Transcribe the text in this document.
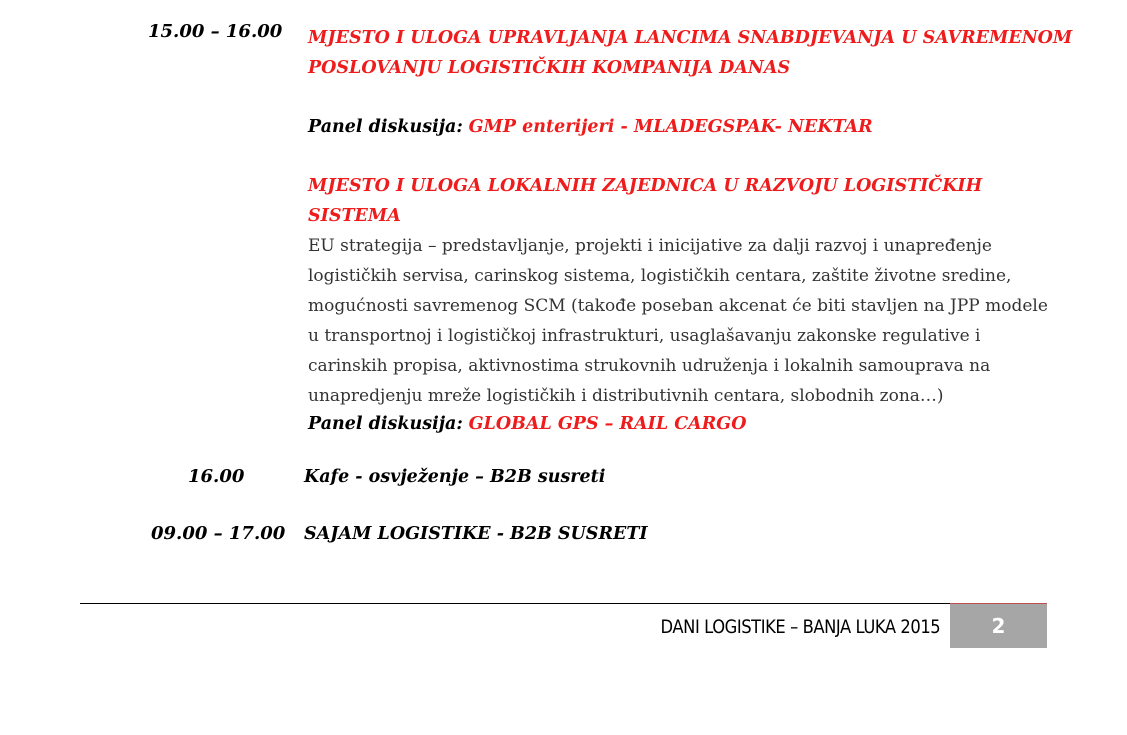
15.00 – 16.00 MJESTO I ULOGA UPRAVLJANJA LANCIMA SNABDJEVANJA U SAVREMENOM
POSLOVANJU LOGISTIČKIH KOMPANIJA DANAS
Panel diskusija: GMP enterijeri - MLADEGSPAK- NEKTAR
MJESTO I ULOGA LOKALNIH ZAJEDNICA U RAZVOJU LOGISTIČKIH SISTEMA
EU strategija – predstavljanje, projekti i inicijative za dalji razvoj i unapređenje
logističkih servisa, carinskog sistema, logističkih centara, zaštite životne sredine,
mogućnosti savremenog SCM (takođe poseban akcenat će biti stavljen na JPP modele
u transportnoj i logističkoj infrastrukturi, usaglašavanju zakonske regulative i
carinskih propisa, aktivnostima strukovnih udruženja i lokalnih samouprava na
unapredjenju mreže logističkih i distributivnih centara, slobodnih zona…)
Panel diskusija: GLOBAL GPS – RAIL CARGO
16.00	Kafe - osvježenje – B2B susreti
09.00 – 17.00 SAJAM LOGISTIKE - B2B SUSRETI
DANI LOGISTIKE – BANJA LUKA 2015	2
